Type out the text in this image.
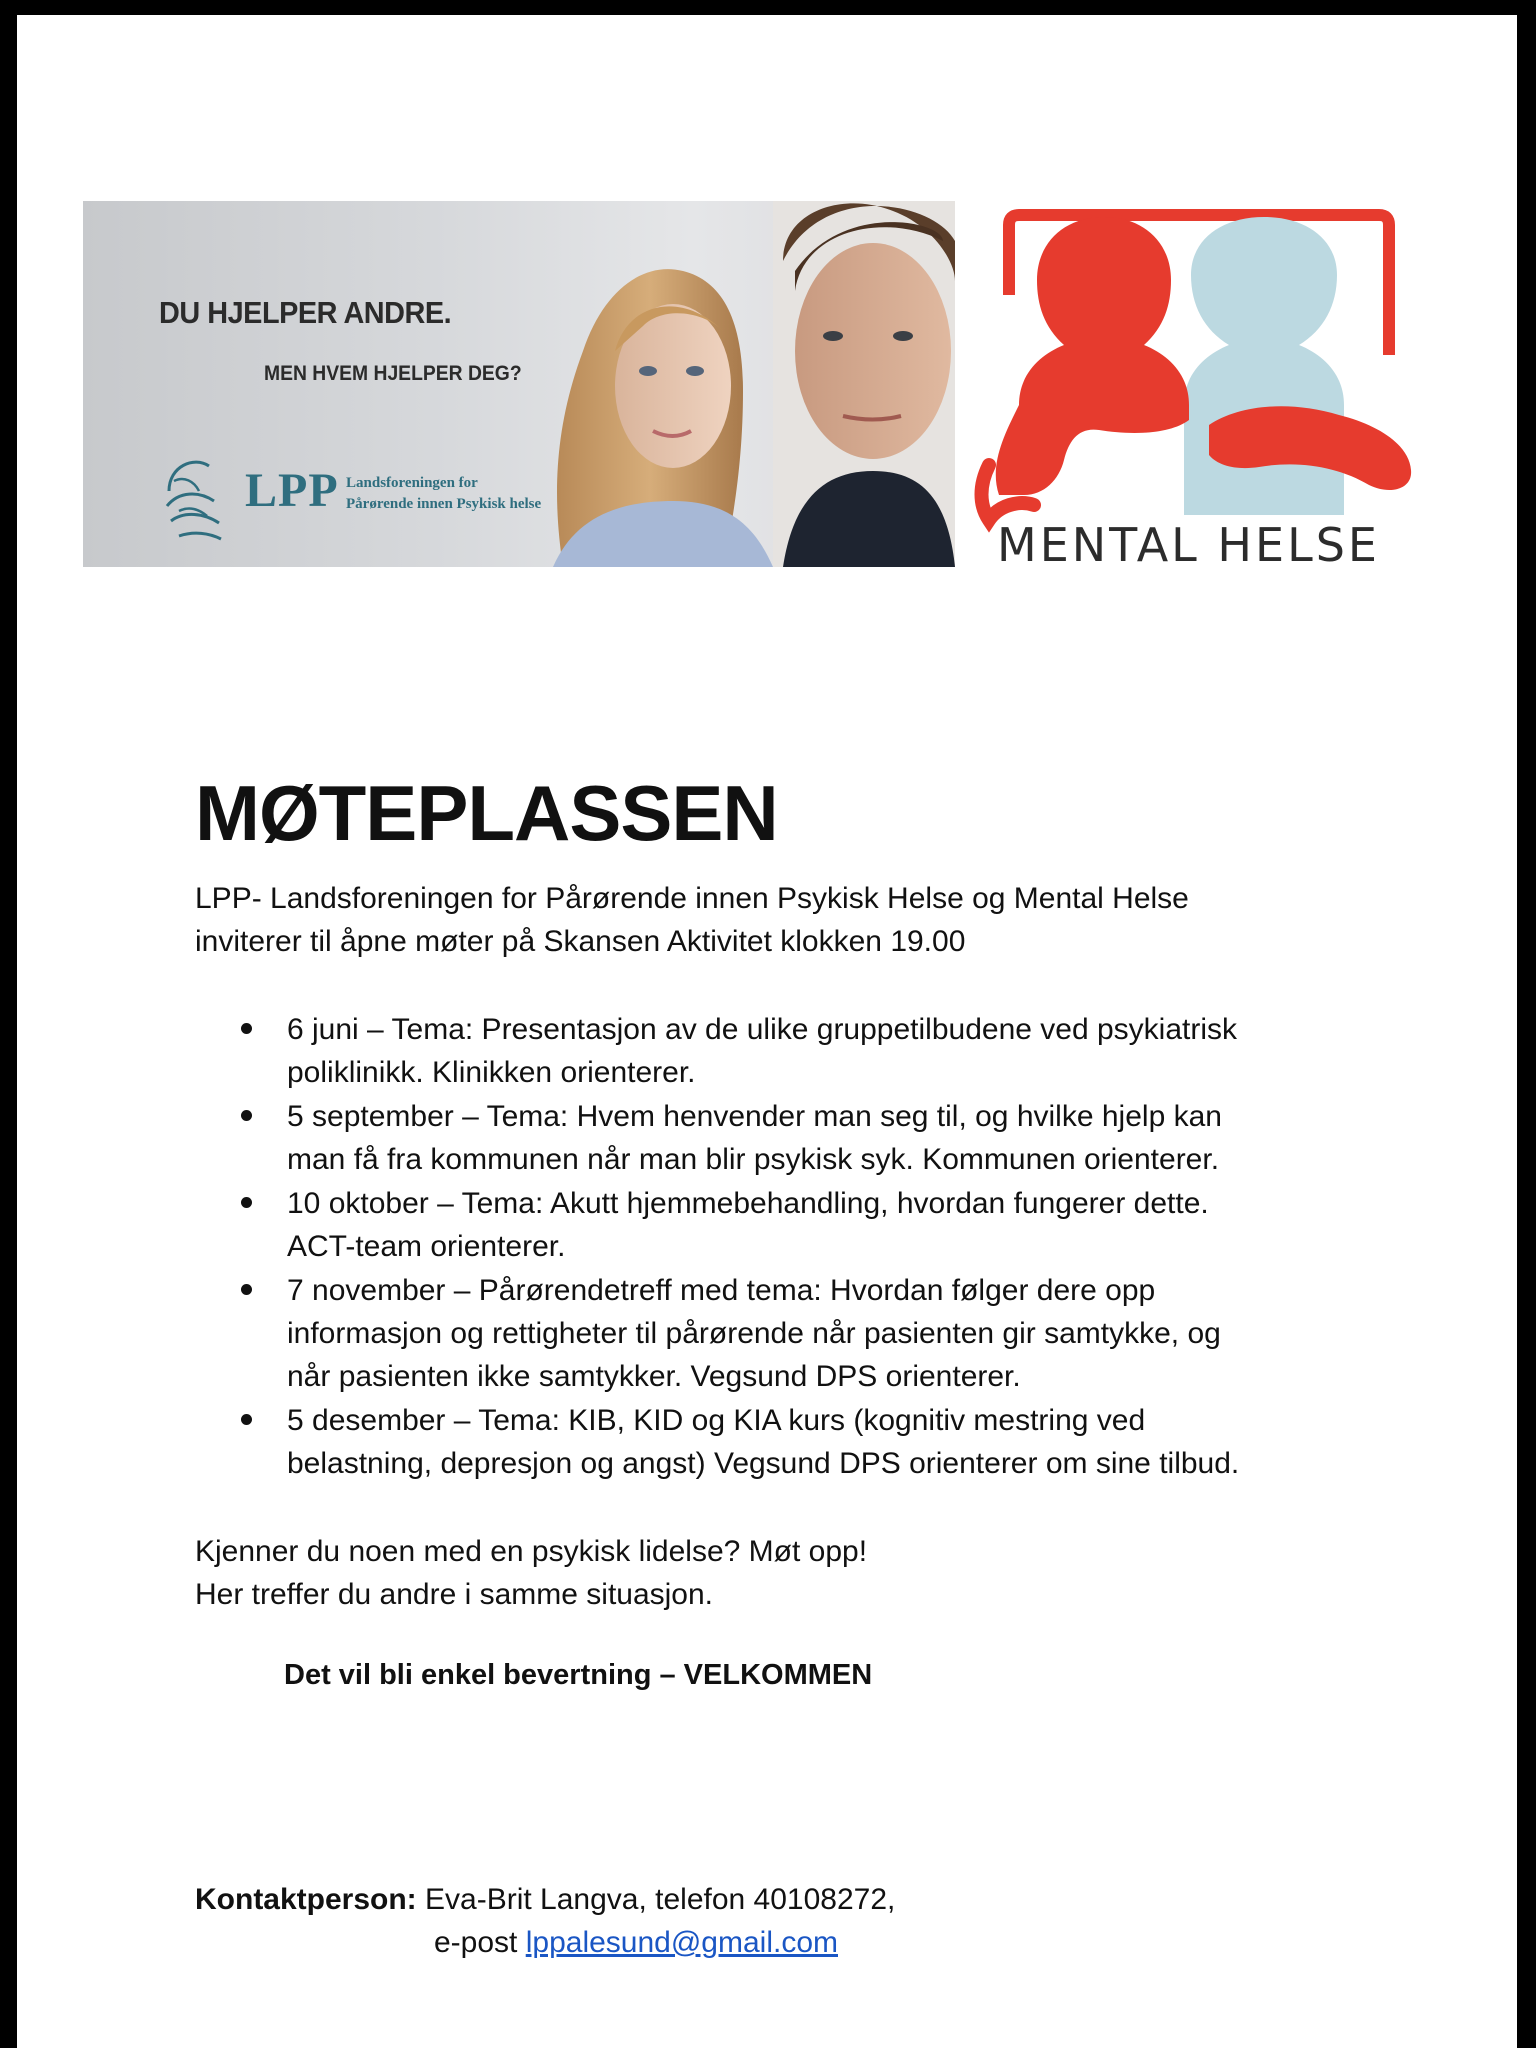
DU HJELPER ANDRE.
MEN HVEM HJELPER DEG?
LPP Landsforeningen for
Pårørende innen Psykisk helse
MENTAL HELSE
MØTEPLASSEN
LPP- Landsforeningen for Pårørende innen Psykisk Helse og Mental Helse
inviterer til åpne møter på Skansen Aktivitet klokken 19.00
6 juni – Tema: Presentasjon av de ulike gruppetilbudene ved psykiatrisk
poliklinikk. Klinikken orienterer.
5 september – Tema: Hvem henvender man seg til, og hvilke hjelp kan
man få fra kommunen når man blir psykisk syk. Kommunen orienterer.
10 oktober – Tema: Akutt hjemmebehandling, hvordan fungerer dette.
ACT-team orienterer.
7 november – Pårørendetreff med tema: Hvordan følger dere opp
informasjon og rettigheter til pårørende når pasienten gir samtykke, og
når pasienten ikke samtykker. Vegsund DPS orienterer.
5 desember – Tema: KIB, KID og KIA kurs (kognitiv mestring ved
belastning, depresjon og angst) Vegsund DPS orienterer om sine tilbud.
Kjenner du noen med en psykisk lidelse? Møt opp!
Her treffer du andre i samme situasjon.
Det vil bli enkel bevertning – VELKOMMEN
Kontaktperson: Eva-Brit Langva, telefon 40108272,
e-post lppalesund@gmail.com
